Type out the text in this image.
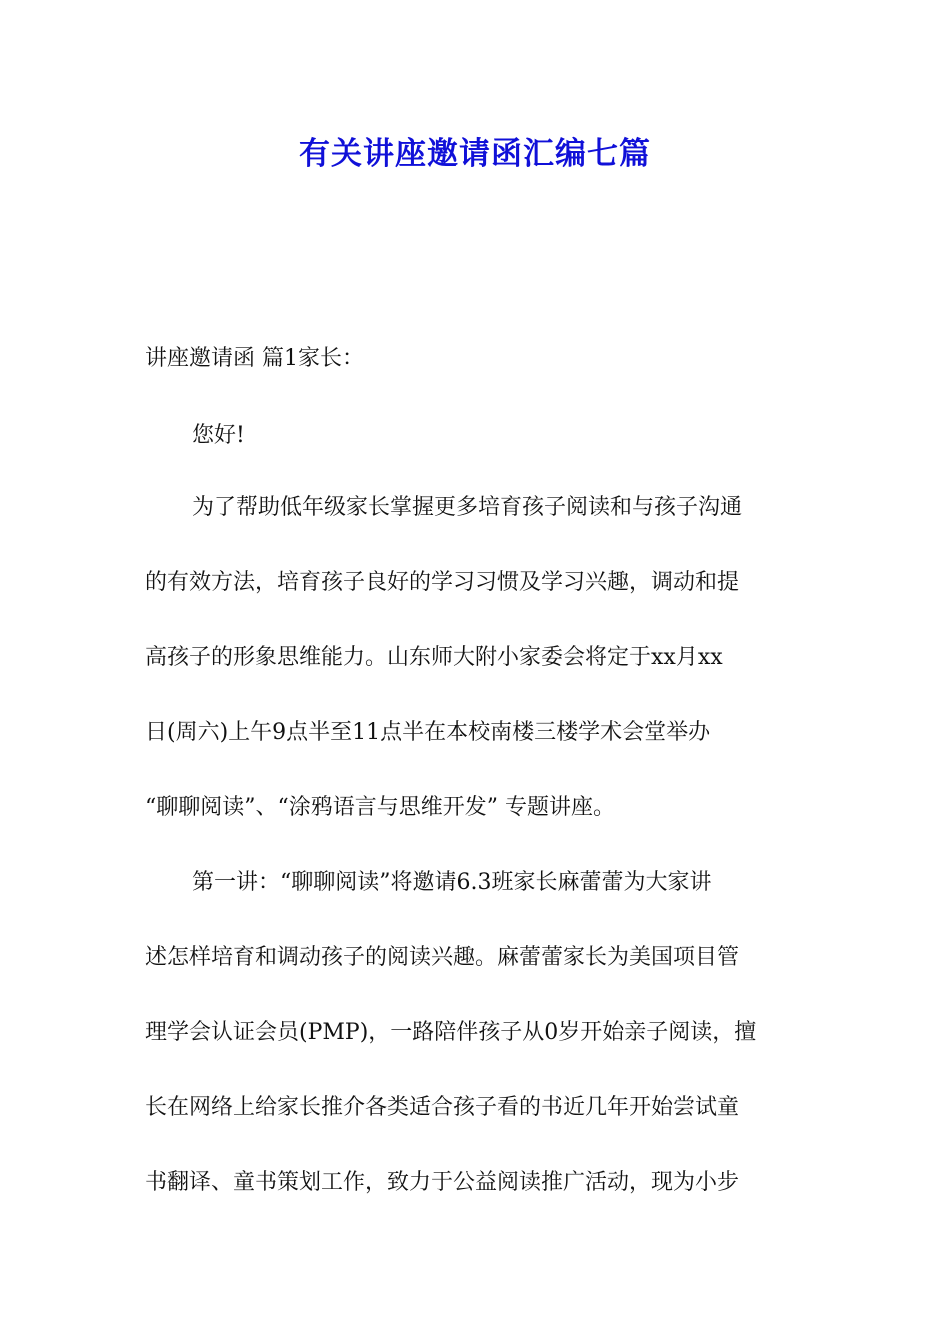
有关讲座邀请函汇编七篇
讲座邀请函 篇1家长：
您好!
为了帮助低年级家长掌握更多培育孩子阅读和与孩子沟通
的有效方法，培育孩子良好的学习习惯及学习兴趣，调动和提
高孩子的形象思维能力。山东师大附小家委会将定于xx月xx
日(周六)上午9点半至11点半在本校南楼三楼学术会堂举办
“聊聊阅读”、“涂鸦语言与思维开发” 专题讲座。
第一讲：“聊聊阅读”将邀请6.3班家长麻蕾蕾为大家讲
述怎样培育和调动孩子的阅读兴趣。麻蕾蕾家长为美国项目管
理学会认证会员(PMP)，一路陪伴孩子从0岁开始亲子阅读，擅
长在网络上给家长推介各类适合孩子看的书近几年开始尝试童
书翻译、童书策划工作，致力于公益阅读推广活动，现为小步
